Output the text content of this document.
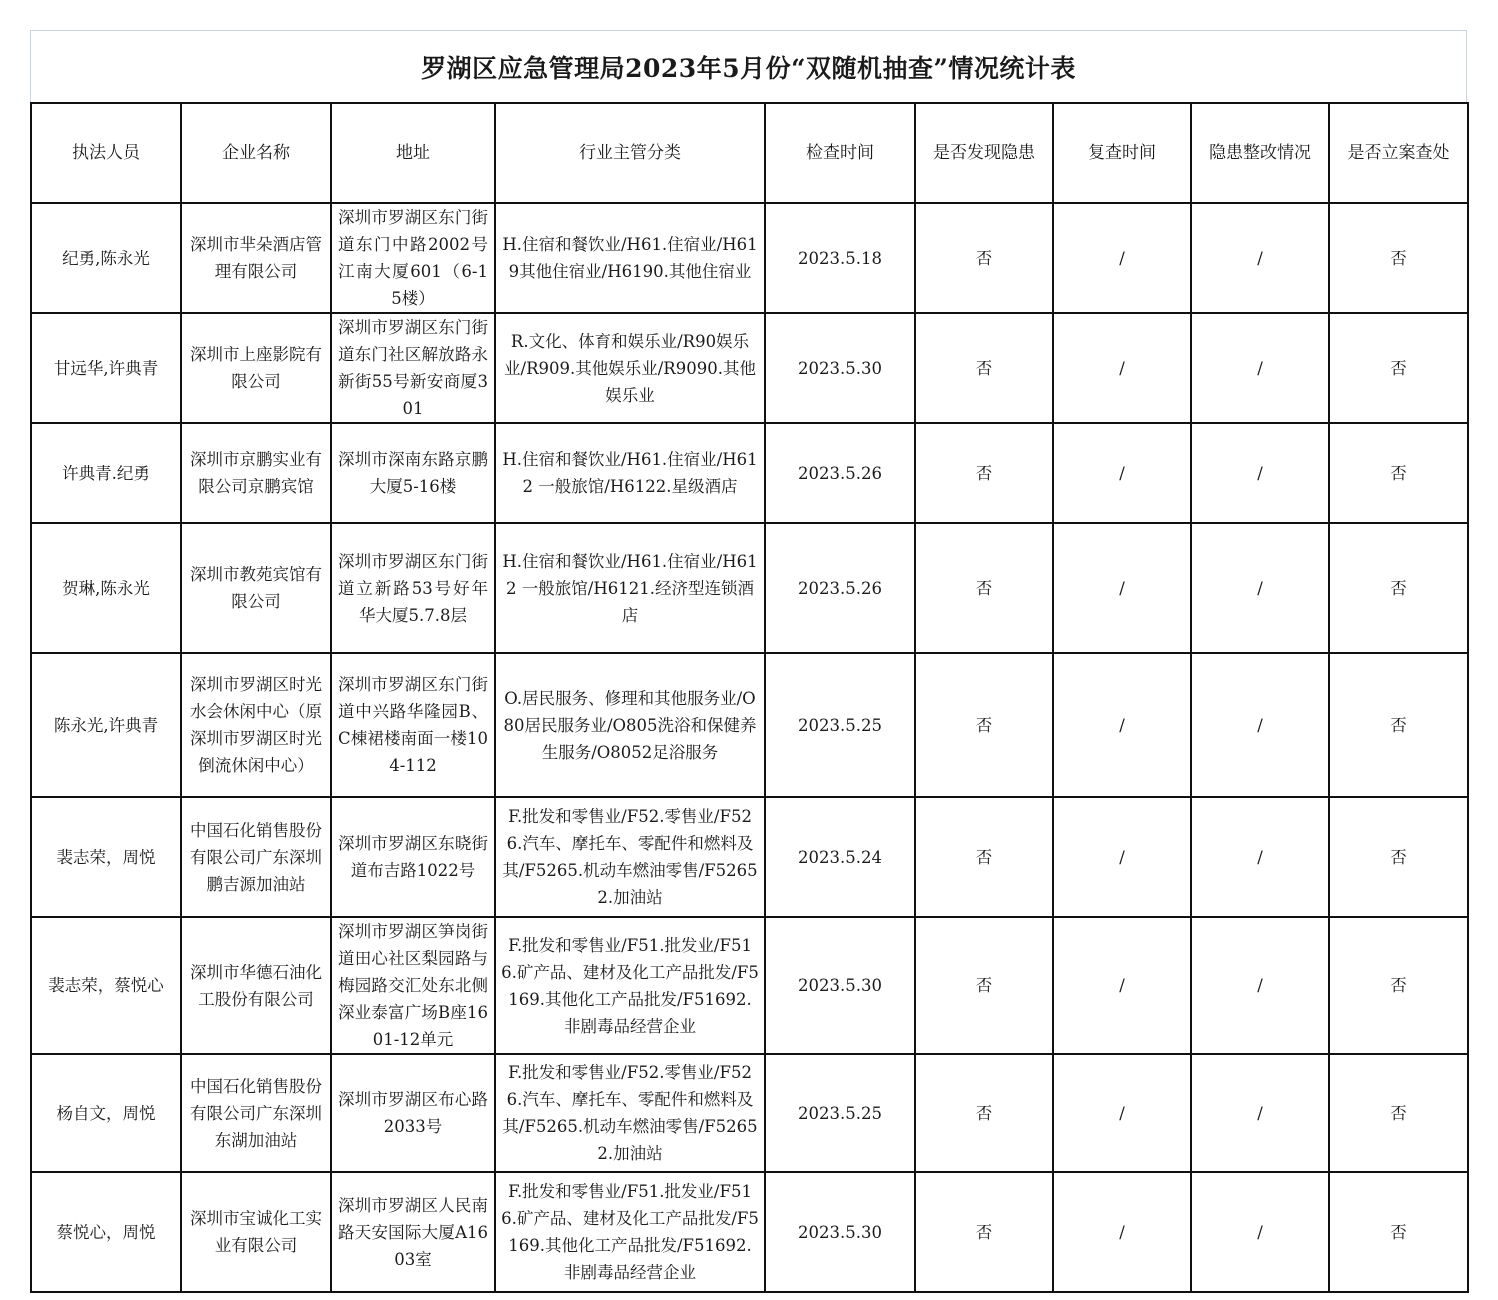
罗湖区应急管理局2023年5月份“双随机抽查”情况统计表
执法人员	企业名称	地址	行业主管分类	检查时间	是否发现隐患	复查时间	隐患整改情况	是否立案查处
纪勇,陈永光	深圳市芈朵酒店管理有限公司	深圳市罗湖区东门街道东门中路2002号江南大厦601（6-15楼）	H.住宿和餐饮业/H61.住宿业/H619其他住宿业/H6190.其他住宿业	2023.5.18	否	/	/	否
甘远华,许典青	深圳市上座影院有限公司	深圳市罗湖区东门街道东门社区解放路永新街55号新安商厦301	R.文化、体育和娱乐业/R90娱乐业/R909.其他娱乐业/R9090.其他娱乐业	2023.5.30	否	/	/	否
许典青.纪勇	深圳市京鹏实业有限公司京鹏宾馆	深圳市深南东路京鹏大厦5-16楼	H.住宿和餐饮业/H61.住宿业/H612 一般旅馆/H6122.星级酒店	2023.5.26	否	/	/	否
贺琳,陈永光	深圳市教苑宾馆有限公司	深圳市罗湖区东门街道立新路53号好年华大厦5.7.8层	H.住宿和餐饮业/H61.住宿业/H612 一般旅馆/H6121.经济型连锁酒店	2023.5.26	否	/	/	否
陈永光,许典青	深圳市罗湖区时光水会休闲中心（原深圳市罗湖区时光倒流休闲中心）	深圳市罗湖区东门街道中兴路华隆园B、C棟裙楼南面一楼104-112	O.居民服务、修理和其他服务业/O80居民服务业/O805洗浴和保健养生服务/O8052足浴服务	2023.5.25	否	/	/	否
裴志荣，周悦	中国石化销售股份有限公司广东深圳鹏吉源加油站	深圳市罗湖区东晓街道布吉路1022号	F.批发和零售业/F52.零售业/F526.汽车、摩托车、零配件和燃料及其/F5265.机动车燃油零售/F52652.加油站	2023.5.24	否	/	/	否
裴志荣，蔡悦心	深圳市华德石油化工股份有限公司	深圳市罗湖区笋岗街道田心社区梨园路与梅园路交汇处东北侧深业泰富广场B座1601-12单元	F.批发和零售业/F51.批发业/F516.矿产品、建材及化工产品批发/F5169.其他化工产品批发/F51692.非剧毒品经营企业	2023.5.30	否	/	/	否
杨自文，周悦	中国石化销售股份有限公司广东深圳东湖加油站	深圳市罗湖区布心路2033号	F.批发和零售业/F52.零售业/F526.汽车、摩托车、零配件和燃料及其/F5265.机动车燃油零售/F52652.加油站	2023.5.25	否	/	/	否
蔡悦心，周悦	深圳市宝诚化工实业有限公司	深圳市罗湖区人民南路天安国际大厦A1603室	F.批发和零售业/F51.批发业/F516.矿产品、建材及化工产品批发/F5169.其他化工产品批发/F51692.非剧毒品经营企业	2023.5.30	否	/	/	否
